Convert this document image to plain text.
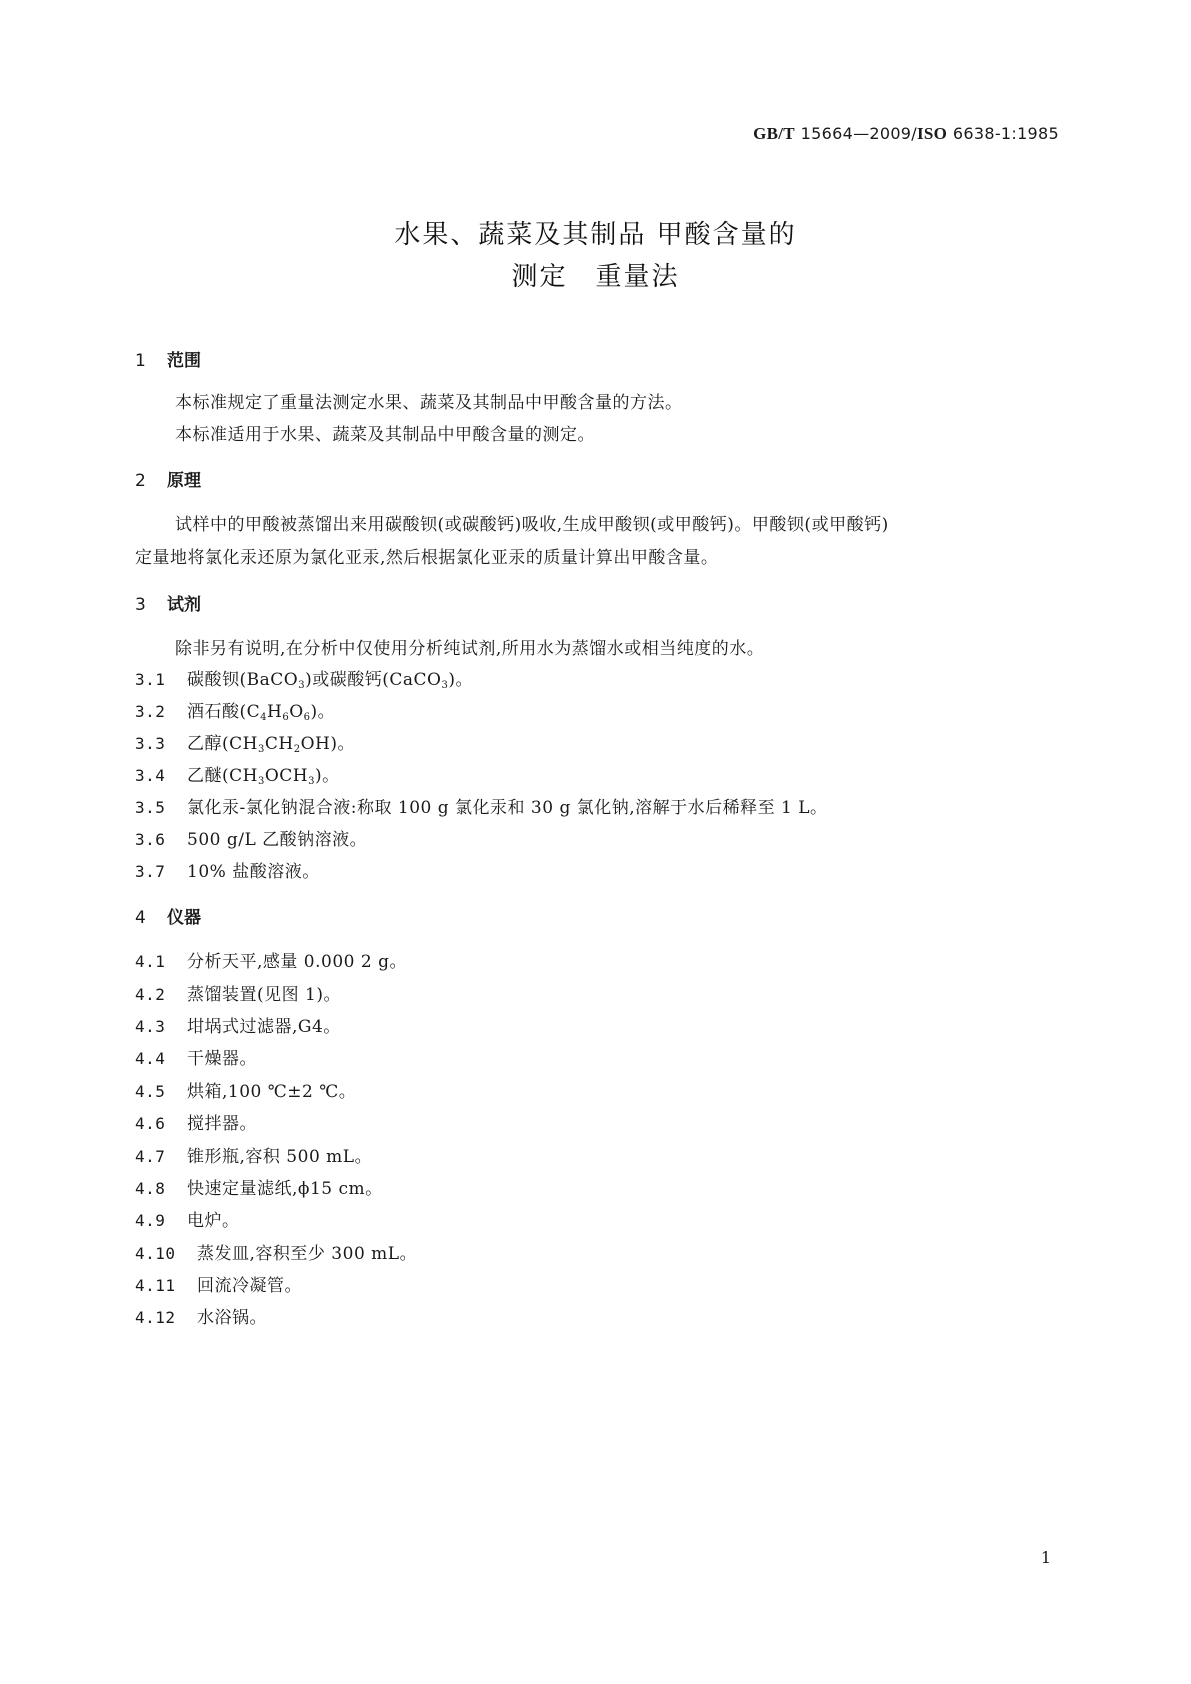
GB/T 15664—2009/ISO 6638-1:1985
水果、蔬菜及其制品 甲酸含量的
测定　重量法
1 范围
本标准规定了重量法测定水果、蔬菜及其制品中甲酸含量的方法。
本标准适用于水果、蔬菜及其制品中甲酸含量的测定。
2 原理
试样中的甲酸被蒸馏出来用碳酸钡(或碳酸钙)吸收,生成甲酸钡(或甲酸钙)。甲酸钡(或甲酸钙)
定量地将氯化汞还原为氯化亚汞,然后根据氯化亚汞的质量计算出甲酸含量。
3 试剂
除非另有说明,在分析中仅使用分析纯试剂,所用水为蒸馏水或相当纯度的水。
3.1 碳酸钡(BaCO$_3$)或碳酸钙(CaCO$_3$)。
3.2 酒石酸$(C_4H_6O_6)$。
3.3 乙醇$(CH_3CH_2OH)$。
3.4 乙醚$(CH_3OCH_3)$。
3.5 氯化汞-氯化钠混合液:称取 100 g 氯化汞和 30 g 氯化钠,溶解于水后稀释至 1 L。
3.6 500 g/L 乙酸钠溶液。
3.7 10% 盐酸溶液。
4 仪器
4.1 分析天平,感量 0.000 2 g。
4.2 蒸馏装置(见图 1)。
4.3 坩埚式过滤器,G4。
4.4 干燥器。
4.5 烘箱,100 ℃±2 ℃。
4.6 搅拌器。
4.7 锥形瓶,容积 500 mL。
4.8 快速定量滤纸,ϕ15 cm。
4.9 电炉。
4.10 蒸发皿,容积至少 300 mL。
4.11 回流冷凝管。
4.12 水浴锅。
1
